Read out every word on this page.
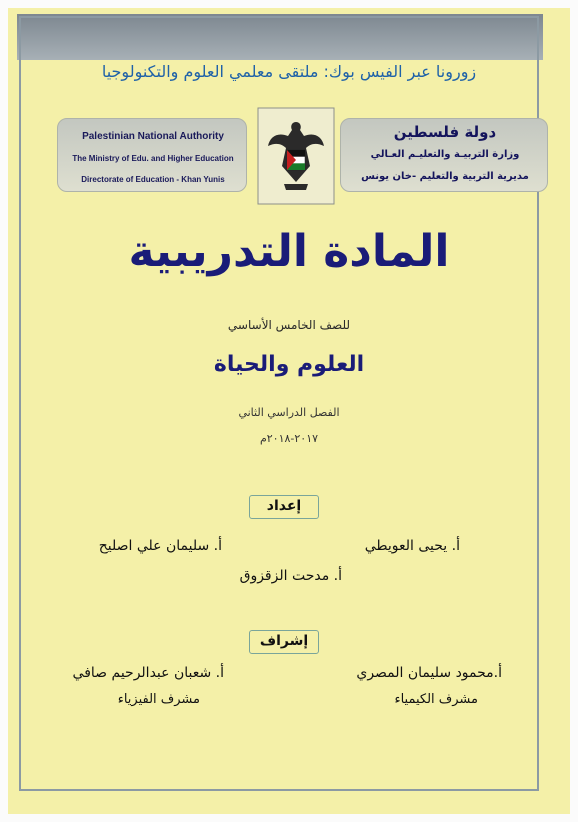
زورونا عبر الفيس بوك: ملتقى معلمي العلوم والتكنولوجيا
Palestinian National Authority
The Ministry of Edu. and Higher Education
Directorate of Education - Khan Yunis
دولة فلسطين
وزارة التربيـة والتعليـم العـالي
مديرية التربية والتعليم -خان يونس
المادة التدريبية
للصف الخامس الأساسي
العلوم والحياة
الفصل الدراسي الثاني
٢٠١٧-٢٠١٨م
إعداد
أ. يحيى العويطي
أ. سليمان علي اصليح
أ. مدحت الزقزوق
إشراف
أ.محمود سليمان المصري
مشرف الكيمياء
أ. شعبان عبدالرحيم صافي
مشرف الفيزياء
